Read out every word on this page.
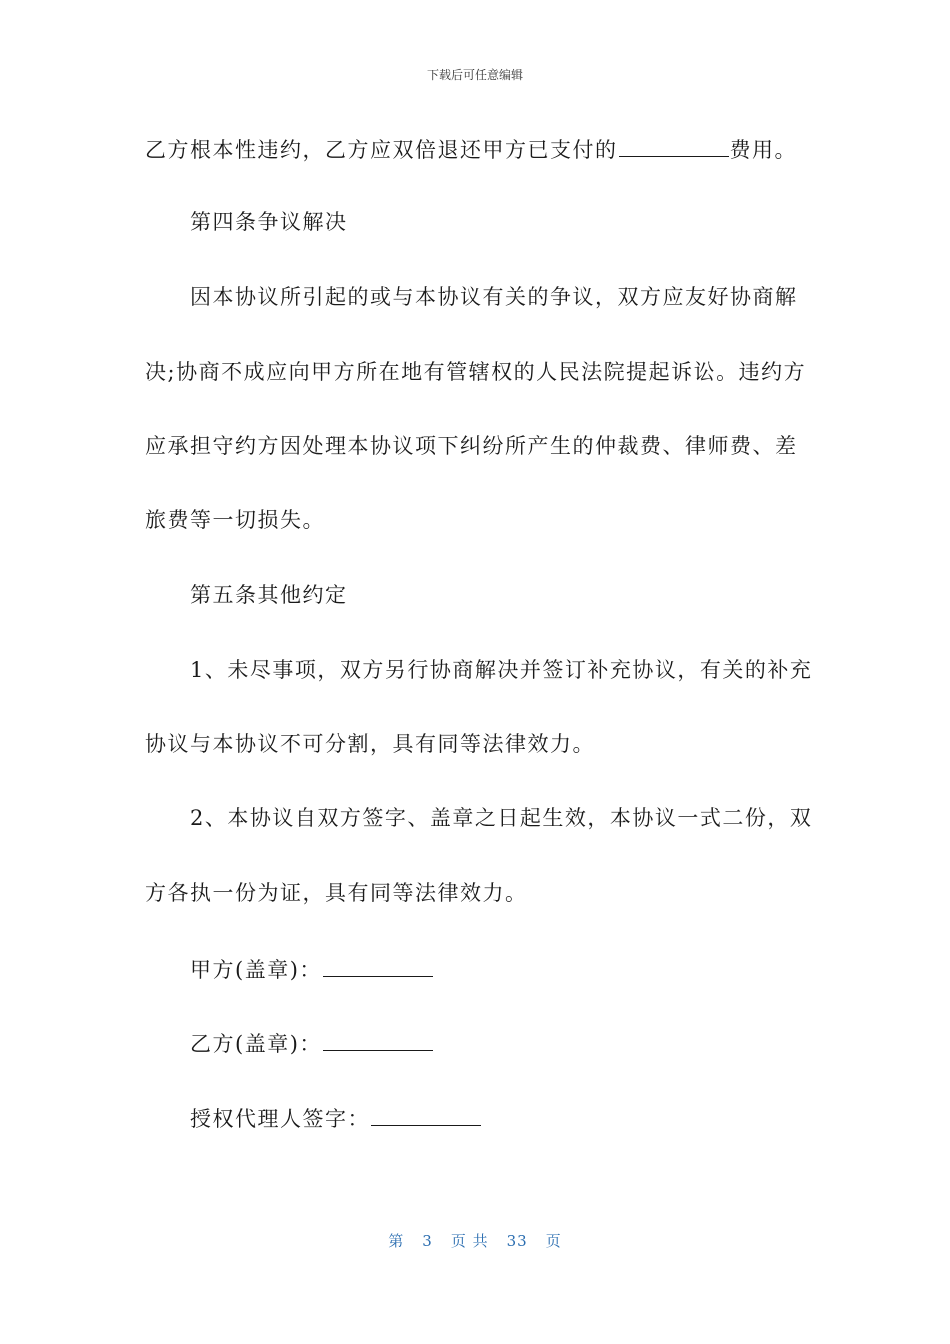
下载后可任意编辑
乙方根本性违约，乙方应双倍退还甲方已支付的	费用。
第四条争议解决
因本协议所引起的或与本协议有关的争议，双方应友好协商解
决;协商不成应向甲方所在地有管辖权的人民法院提起诉讼。违约方
应承担守约方因处理本协议项下纠纷所产生的仲裁费、律师费、差
旅费等一切损失。
第五条其他约定
1、未尽事项，双方另行协商解决并签订补充协议，有关的补充
协议与本协议不可分割，具有同等法律效力。
2、本协议自双方签字、盖章之日起生效，本协议一式二份，双
方各执一份为证，具有同等法律效力。
甲方(盖章)：
乙方(盖章)：
授权代理人签字：
第 3 页 共 33 页
